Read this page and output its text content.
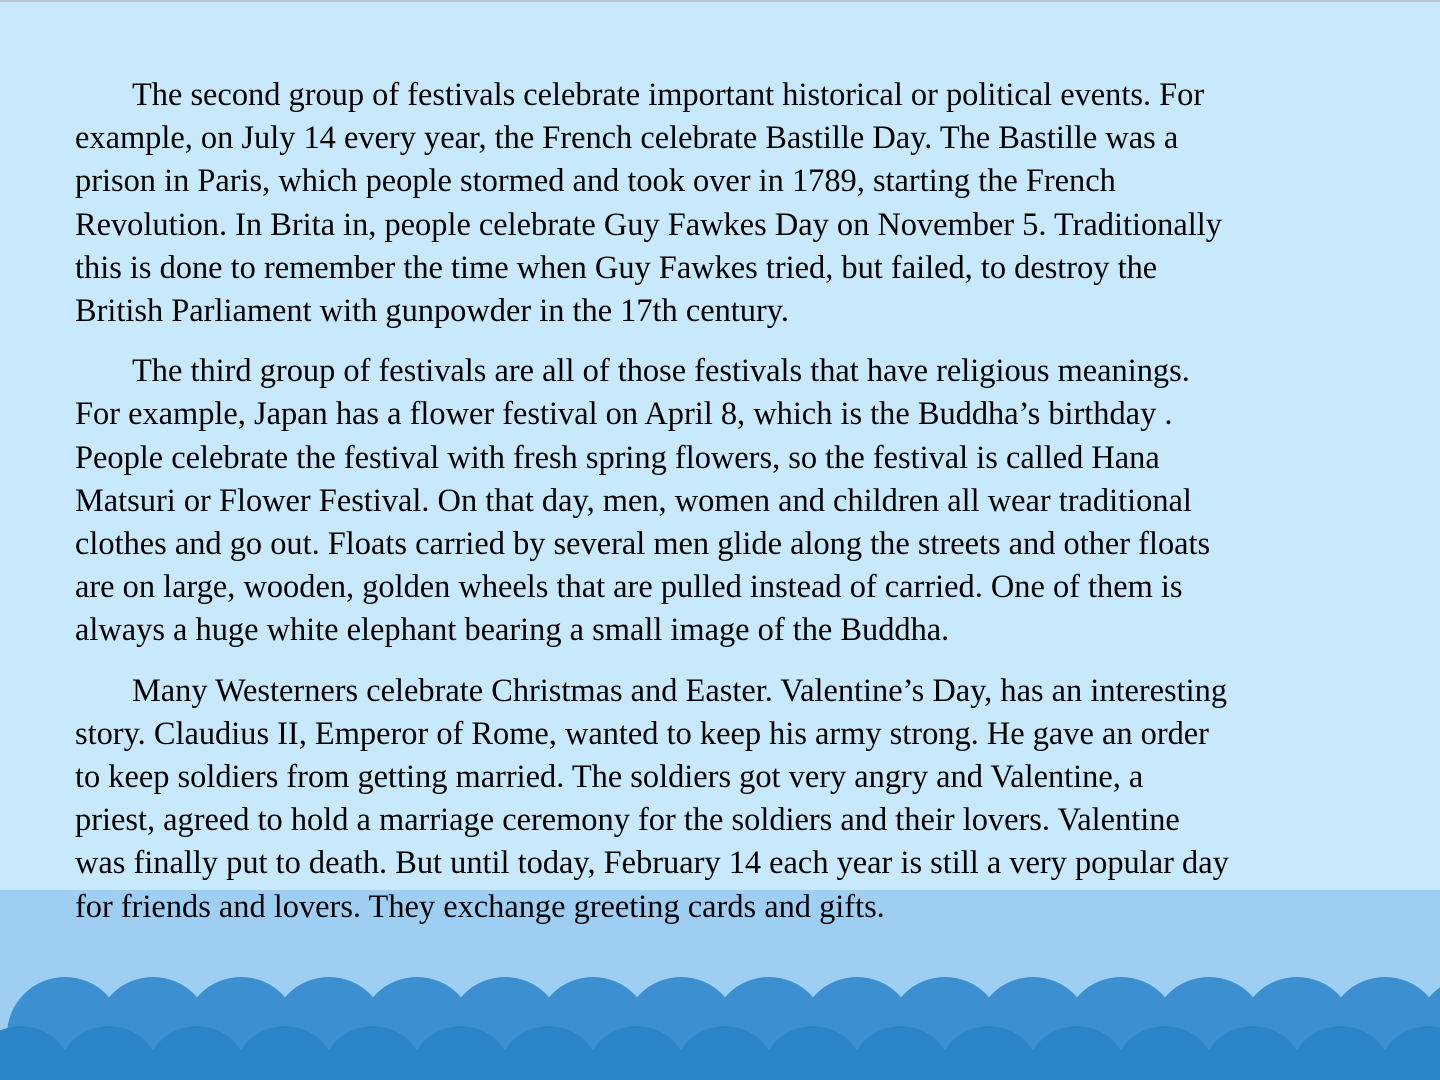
The second group of festivals celebrate important historical or political events. For
example, on July 14 every year, the French celebrate Bastille Day. The Bastille was a
prison in Paris, which people stormed and took over in 1789, starting the French
Revolution. In Brita in, people celebrate Guy Fawkes Day on November 5. Traditionally
this is done to remember the time when Guy Fawkes tried, but failed, to destroy the
British Parliament with gunpowder in the 17th century.

The third group of festivals are all of those festivals that have religious meanings.
For example, Japan has a flower festival on April 8, which is the Buddha’s birthday .
People celebrate the festival with fresh spring flowers, so the festival is called Hana
Matsuri or Flower Festival. On that day, men, women and children all wear traditional
clothes and go out. Floats carried by several men glide along the streets and other floats
are on large, wooden, golden wheels that are pulled instead of carried. One of them is
always a huge white elephant bearing a small image of the Buddha.

Many Westerners celebrate Christmas and Easter. Valentine’s Day, has an interesting
story. Claudius II, Emperor of Rome, wanted to keep his army strong. He gave an order
to keep soldiers from getting married. The soldiers got very angry and Valentine, a
priest, agreed to hold a marriage ceremony for the soldiers and their lovers. Valentine
was finally put to death. But until today, February 14 each year is still a very popular day
for friends and lovers. They exchange greeting cards and gifts.
